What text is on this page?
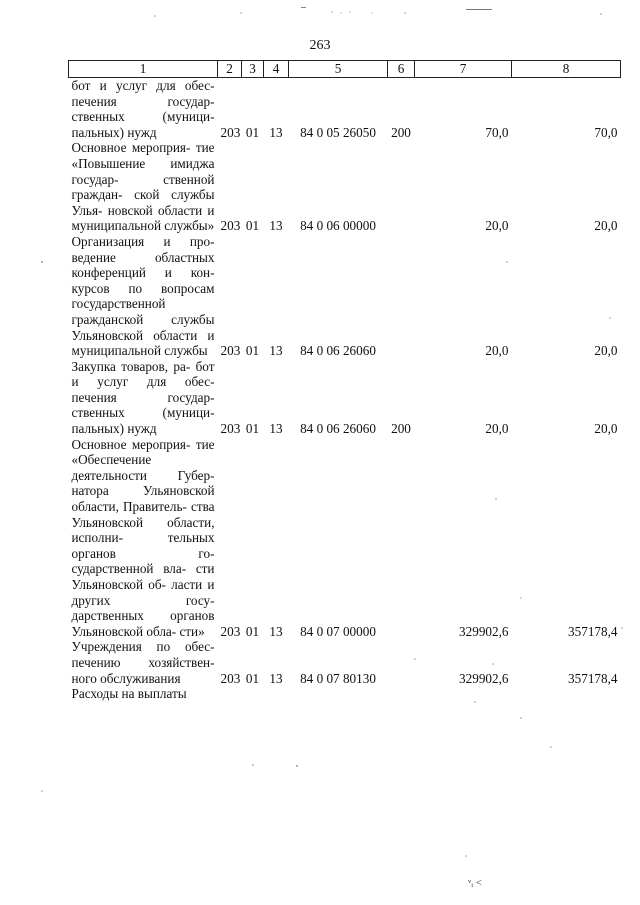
263
1	2	3	4	5	6	7	8
бот и услуг для обес- печения государ- ственных (муници- пальных) нужд	203	01	13	84 0 05 26050	200	70,0	70,0
Основное мероприя- тие «Повышение имиджа государ- ственной граждан- ской службы Улья- новской области и муниципальной службы»	203	01	13	84 0 06 00000		20,0	20,0
Организация и про- ведение областных конференций и кон- курсов по вопросам государственной гражданской службы Ульяновской области и муниципальной службы	203	01	13	84 0 06 26060		20,0	20,0
Закупка товаров, ра- бот и услуг для обес- печения государ- ственных (муници- пальных) нужд	203	01	13	84 0 06 26060	200	20,0	20,0
Основное мероприя- тие «Обеспечение деятельности Губер- натора Ульяновской области, Правитель- ства Ульяновской области, исполни- тельных органов го- сударственной вла- сти Ульяновской об- ласти и других госу- дарственных органов Ульяновской обла- сти»	203	01	13	84 0 07 00000		329902,6	357178,4
Учреждения по обес- печению хозяйствен- ного обслуживания	203	01	13	84 0 07 80130		329902,6	357178,4
Расходы на выплаты							
ᵛᵢ ˂
